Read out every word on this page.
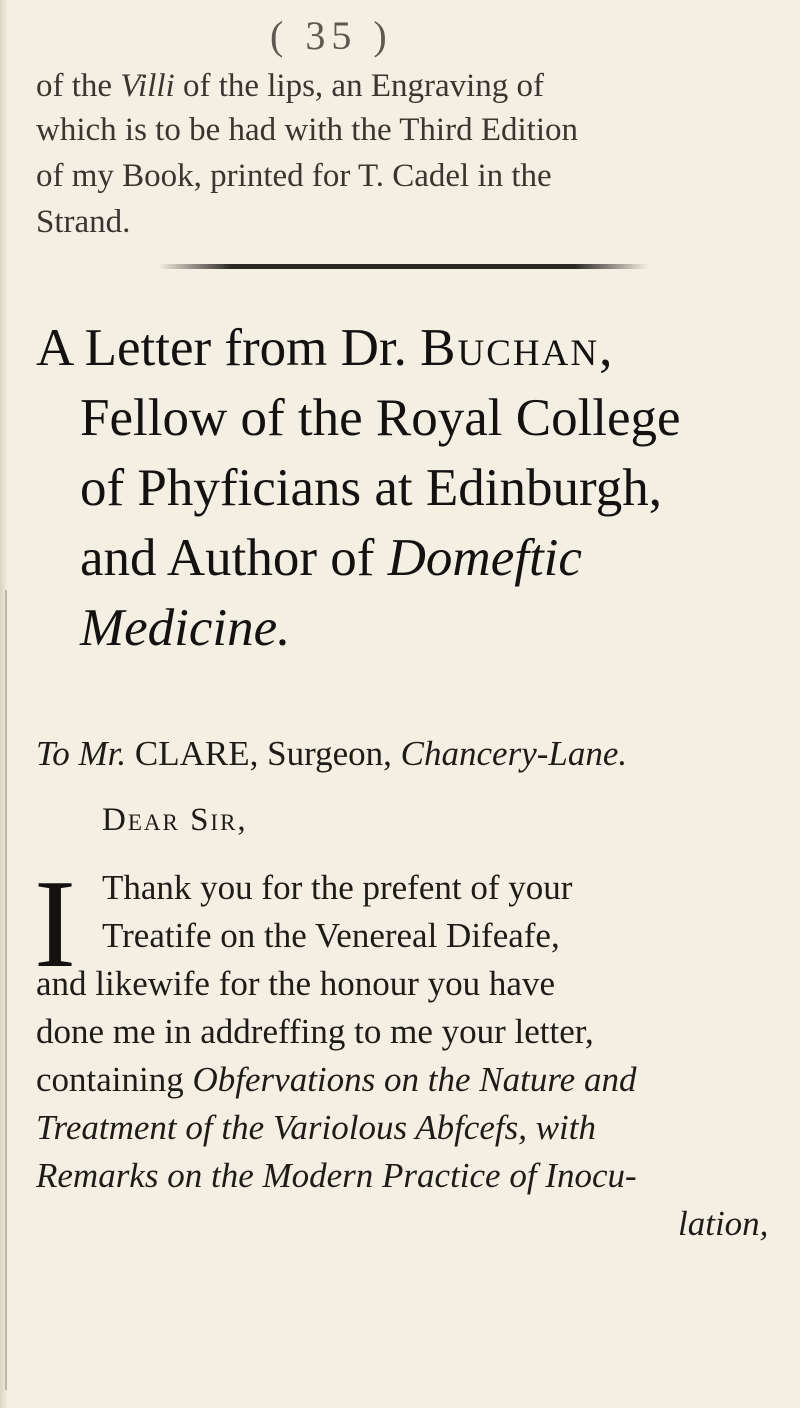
( 35 )
of the Villi of the lips, an Engraving of
which is to be had with the Third Edition
of my Book, printed for T. Cadel in the
Strand.
A Letter from Dr. Buchan,
Fellow of the Royal College
of Phyficians at Edinburgh,
and Author of Domeftic
Medicine.
To Mr. CLARE, Surgeon, Chancery-Lane.
Dear Sir,
I Thank you for the prefent of your
Treatife on the Venereal Difeafe,
and likewife for the honour you have
done me in addreffing to me your letter,
containing Obfervations on the Nature and
Treatment of the Variolous Abfcefs, with
Remarks on the Modern Practice of Inocu-
lation,
